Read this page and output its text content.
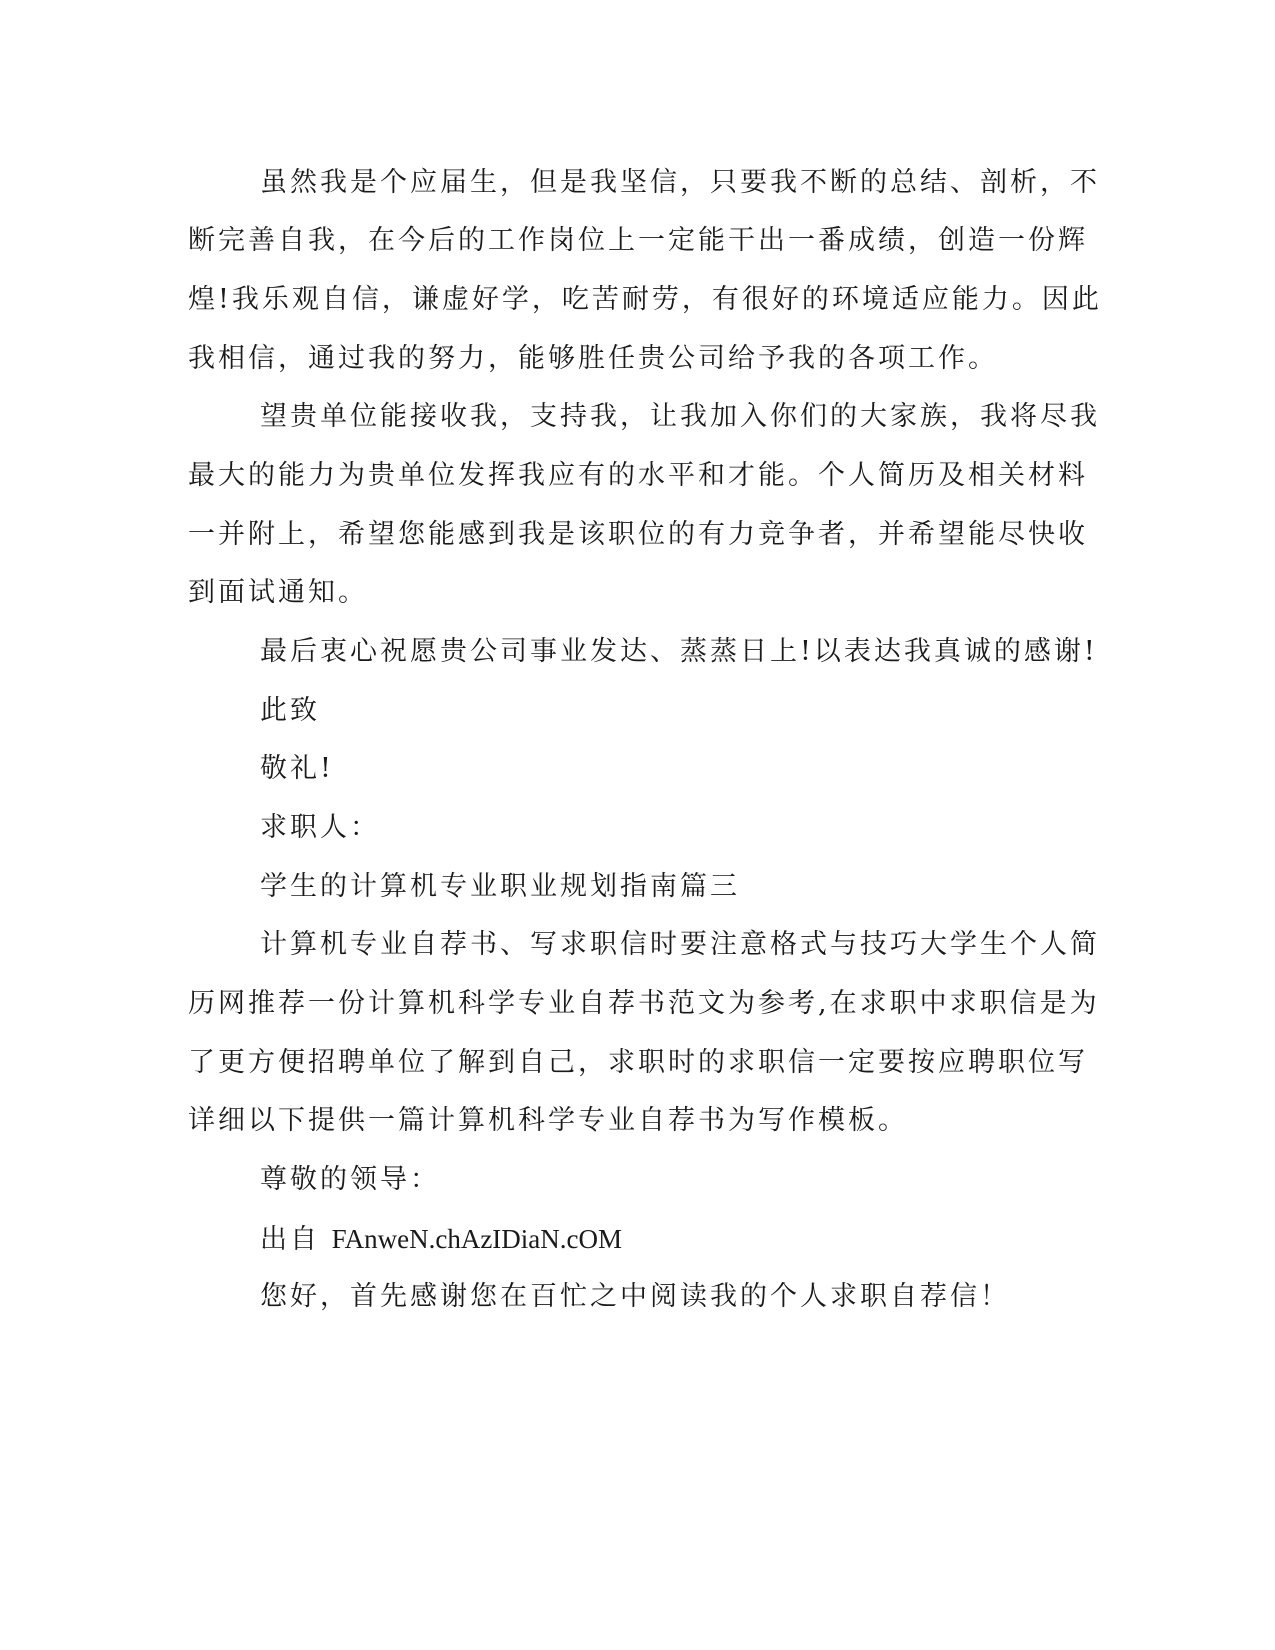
虽然我是个应届生，但是我坚信，只要我不断的总结、剖析，不
断完善自我，在今后的工作岗位上一定能干出一番成绩，创造一份辉
煌!我乐观自信，谦虚好学，吃苦耐劳，有很好的环境适应能力。因此
我相信，通过我的努力，能够胜任贵公司给予我的各项工作。
望贵单位能接收我，支持我，让我加入你们的大家族，我将尽我
最大的能力为贵单位发挥我应有的水平和才能。个人简历及相关材料
一并附上，希望您能感到我是该职位的有力竞争者，并希望能尽快收
到面试通知。
最后衷心祝愿贵公司事业发达、蒸蒸日上!以表达我真诚的感谢!
此致
敬礼!
求职人：
学生的计算机专业职业规划指南篇三
计算机专业自荐书、写求职信时要注意格式与技巧大学生个人简
历网推荐一份计算机科学专业自荐书范文为参考,在求职中求职信是为
了更方便招聘单位了解到自己，求职时的求职信一定要按应聘职位写
详细以下提供一篇计算机科学专业自荐书为写作模板。
尊敬的领导：
出自 FAnweN.chAzIDiaN.cOM
您好，首先感谢您在百忙之中阅读我的个人求职自荐信！
